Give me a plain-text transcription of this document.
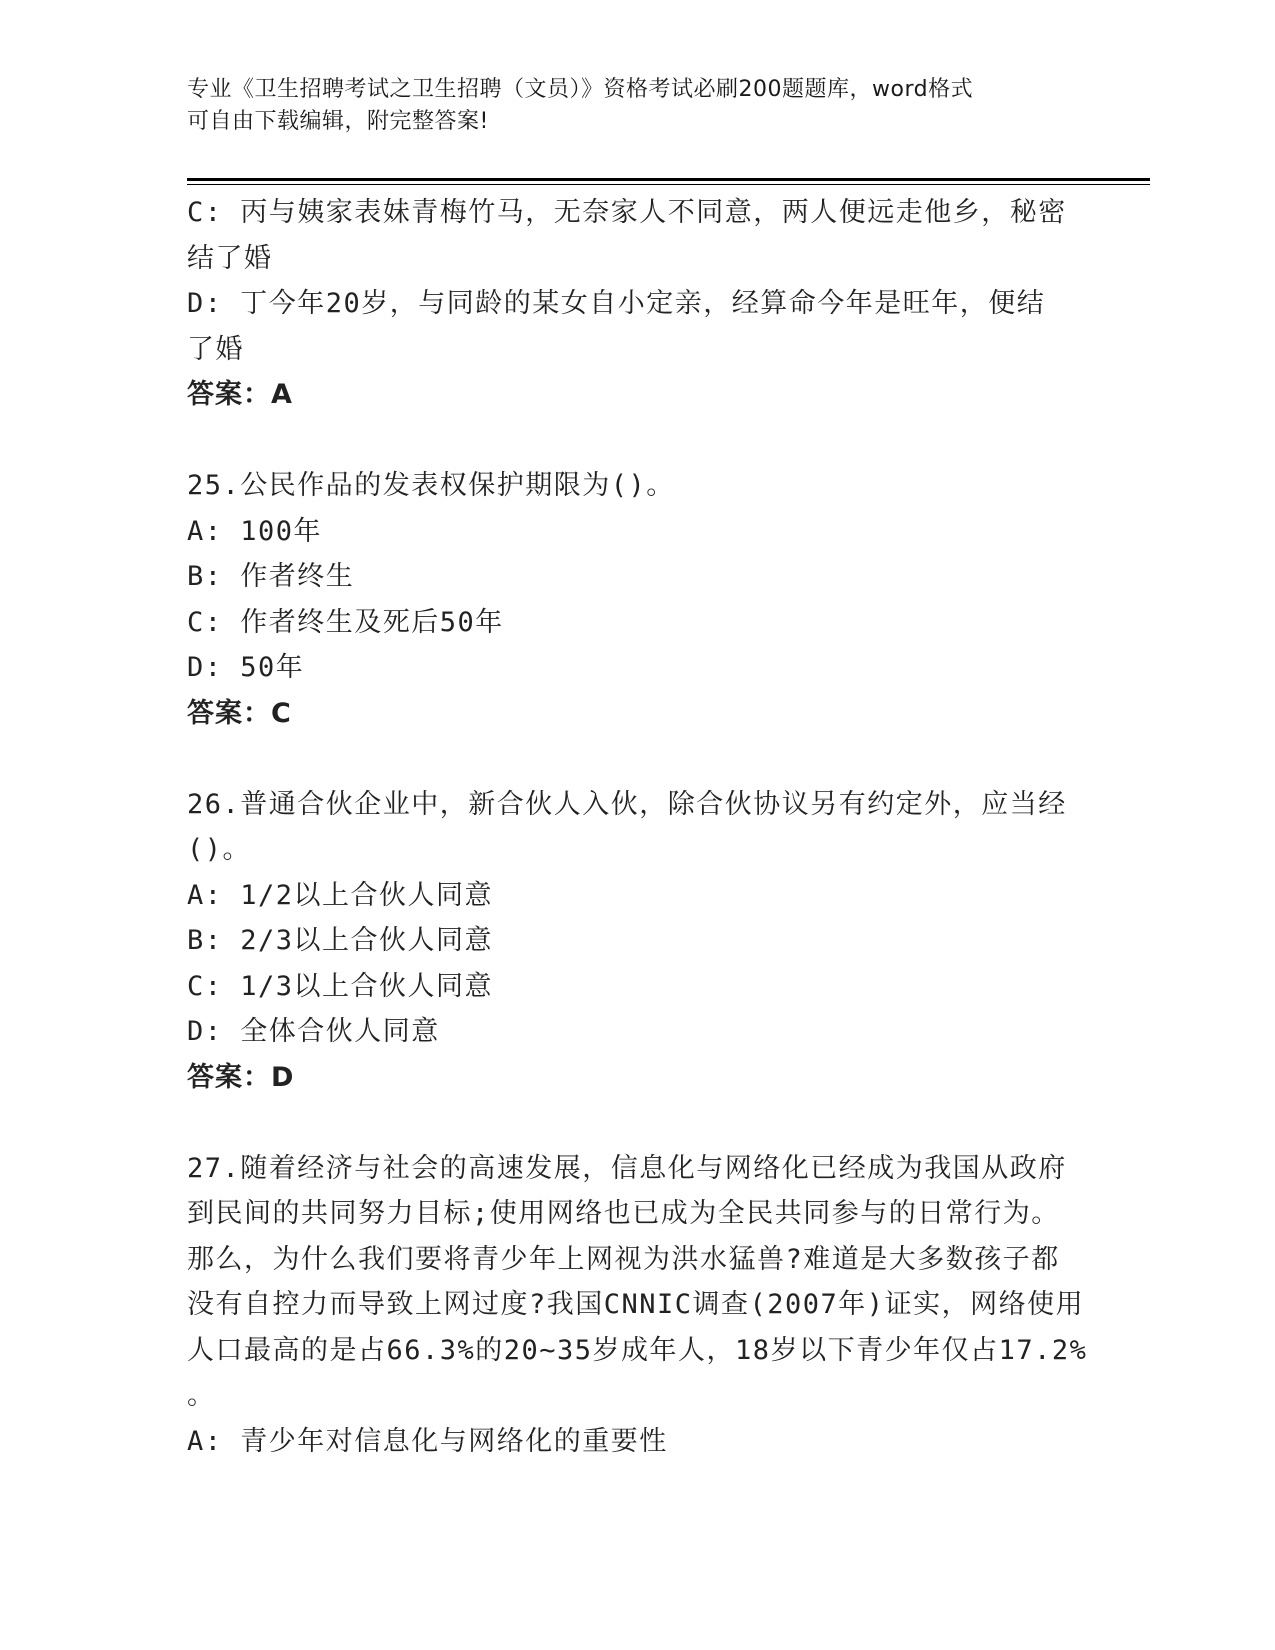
专业《卫生招聘考试之卫生招聘（文员）》资格考试必刷200题题库，word格式
可自由下载编辑，附完整答案!
C: 丙与姨家表妹青梅竹马，无奈家人不同意，两人便远走他乡，秘密
结了婚
D: 丁今年20岁，与同龄的某女自小定亲，经算命今年是旺年，便结
了婚
答案：A
25.公民作品的发表权保护期限为()。
A: 100年
B: 作者终生
C: 作者终生及死后50年
D: 50年
答案：C
26.普通合伙企业中，新合伙人入伙，除合伙协议另有约定外，应当经
()。
A: 1/2以上合伙人同意
B: 2/3以上合伙人同意
C: 1/3以上合伙人同意
D: 全体合伙人同意
答案：D
27.随着经济与社会的高速发展，信息化与网络化已经成为我国从政府
到民间的共同努力目标;使用网络也已成为全民共同参与的日常行为。
那么，为什么我们要将青少年上网视为洪水猛兽?难道是大多数孩子都
没有自控力而导致上网过度?我国CNNIC调查(2007年)证实，网络使用
人口最高的是占66.3%的20~35岁成年人，18岁以下青少年仅占17.2%
。
A: 青少年对信息化与网络化的重要性
